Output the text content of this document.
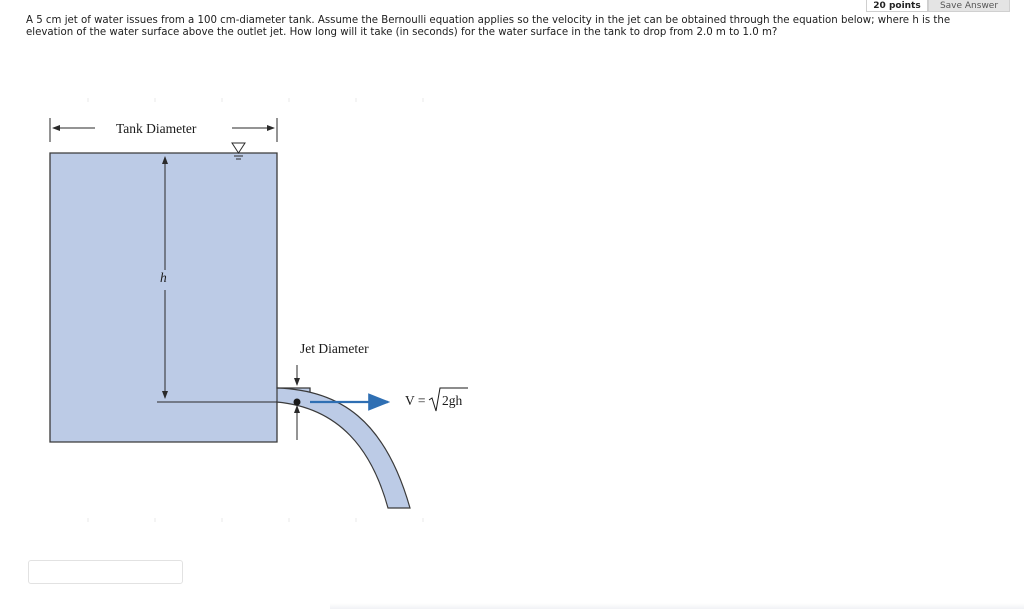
20 points	Save Answer
A 5 cm jet of water issues from a 100 cm-diameter tank. Assume the Bernoulli equation applies so the velocity in the jet can be obtained through the equation below; where h is the elevation of the water surface above the outlet jet. How long will it take (in seconds) for the water surface in the tank to drop from 2.0 m to 1.0 m?
Tank Diameter
h
Jet Diameter
V = 2gh
